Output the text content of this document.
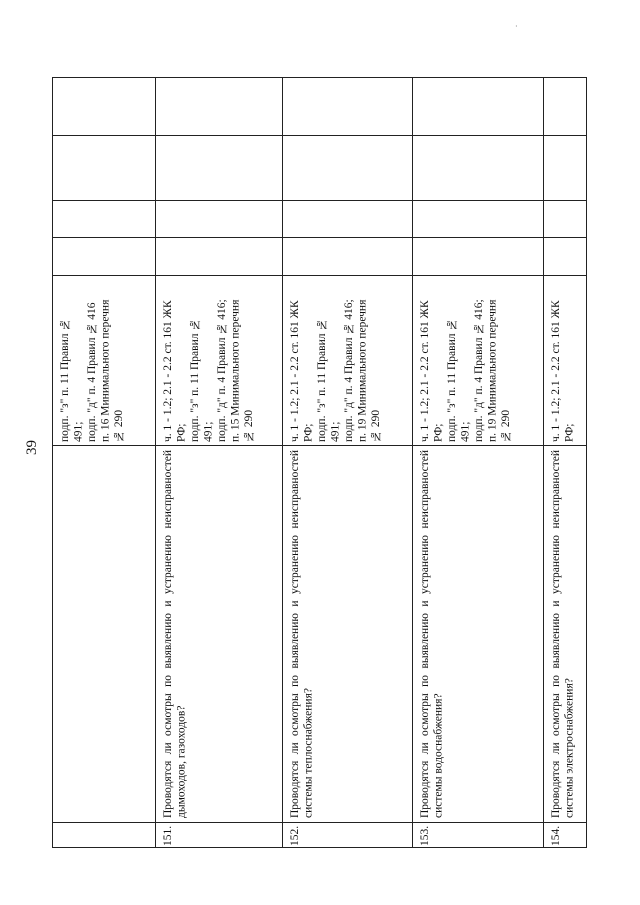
39
·
подп. "з" п. 11 Правил № 491; подп. "д" п. 4 Правил № 416 п. 16 Минимального перечня № 290
151.
Проводятся ли осмотры по выявлению и устранению неисправностей дымоходов, газоходов?
ч. 1 - 1.2; 2.1 - 2.2 ст. 161 ЖК РФ; подп. "з" п. 11 Правил № 491; подп. "д" п. 4 Правил № 416; п. 15 Минимального перечня № 290
152.
Проводятся ли осмотры по выявлению и устранению неисправностей системы теплоснабжения?
ч. 1 - 1.2; 2.1 - 2.2 ст. 161 ЖК РФ; подп. "з" п. 11 Правил № 491; подп. "д" п. 4 Правил № 416; п. 19 Минимального перечня № 290
153.
Проводятся ли осмотры по выявлению и устранению неисправностей системы водоснабжения?
ч. 1 - 1.2; 2.1 - 2.2 ст. 161 ЖК РФ; подп. "з" п. 11 Правил № 491; подп. "д" п. 4 Правил № 416; п. 19 Минимального перечня № 290
154.
Проводятся ли осмотры по выявлению и устранению неисправностей системы электроснабжения?
ч. 1 - 1.2; 2.1 - 2.2 ст. 161 ЖК РФ;
